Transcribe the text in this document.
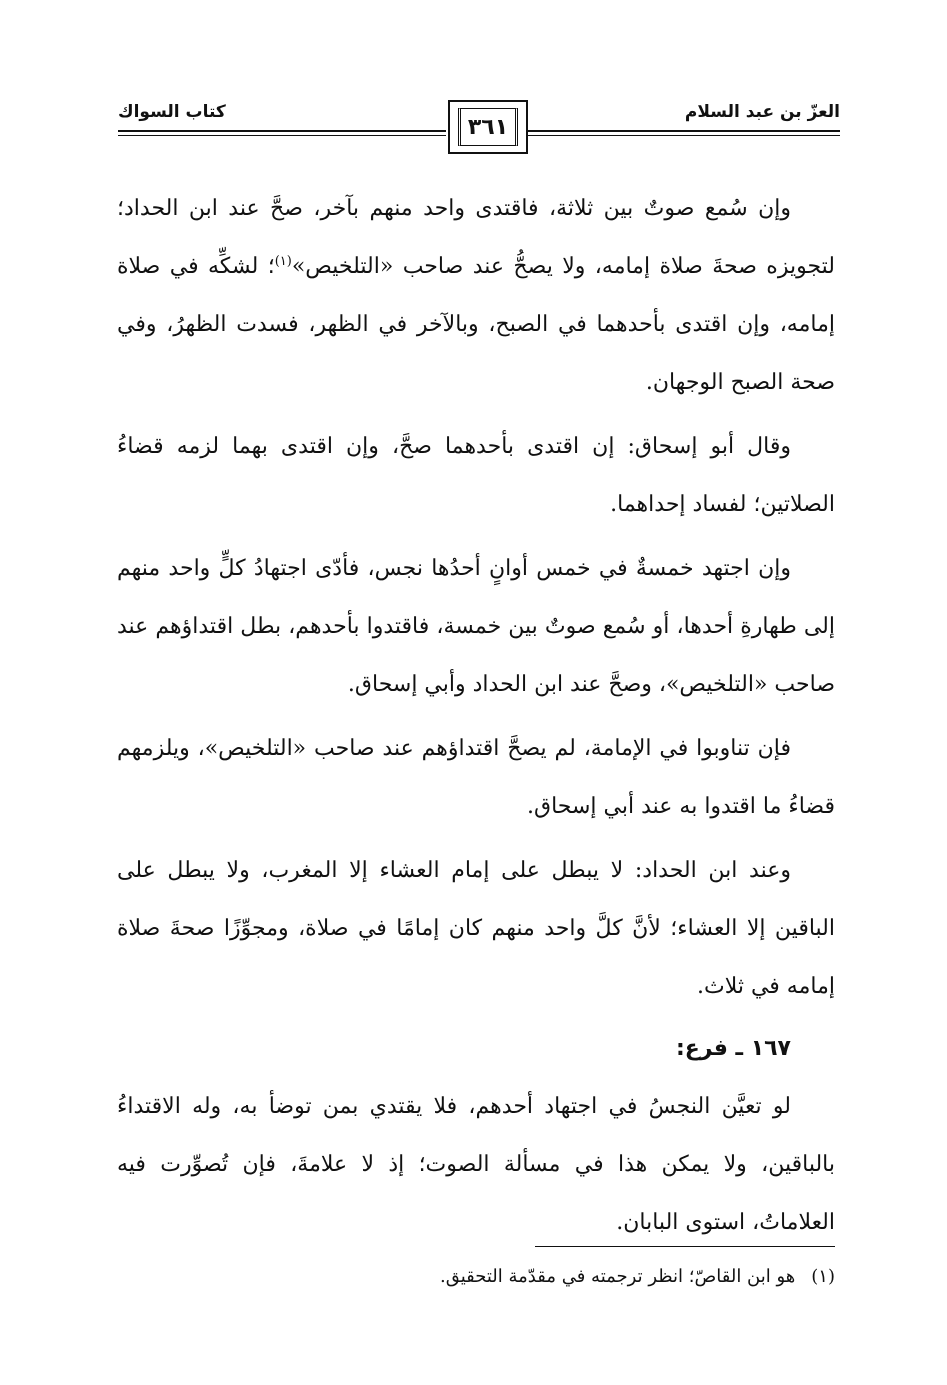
العزّ بن عبد السلام
كتاب السواك
٣٦١

وإن سُمع صوتٌ بين ثلاثة، فاقتدى واحد منهم بآخر، صحَّ عند ابن الحداد؛ لتجويزه صحةَ صلاة إمامه، ولا يصحُّ عند صاحب «التلخيص»$^{(١)}$؛ لشكِّه في صلاة إمامه، وإن اقتدى بأحدهما في الصبح، وبالآخر في الظهر، فسدت الظهرُ، وفي صحة الصبح الوجهان.

وقال أبو إسحاق: إن اقتدى بأحدهما صحَّ، وإن اقتدى بهما لزمه قضاءُ الصلاتين؛ لفساد إحداهما.

وإن اجتهد خمسةٌ في خمس أوانٍ أحدُها نجس، فأدّى اجتهادُ كلٍّ واحد منهم إلى طهارةِ أحدها، أو سُمع صوتٌ بين خمسة، فاقتدوا بأحدهم، بطل اقتداؤهم عند صاحب «التلخيص»، وصحَّ عند ابن الحداد وأبي إسحاق.

فإن تناوبوا في الإمامة، لم يصحَّ اقتداؤهم عند صاحب «التلخيص»، ويلزمهم قضاءُ ما اقتدوا به عند أبي إسحاق.

وعند ابن الحداد: لا يبطل على إمام العشاء إلا المغرب، ولا يبطل على الباقين إلا العشاء؛ لأنَّ كلَّ واحد منهم كان إمامًا في صلاة، ومجوِّزًا صحةَ صلاة إمامه في ثلاث.

١٦٧ ـ فرع:

لو تعيَّن النجسُ في اجتهاد أحدهم، فلا يقتدي بمن توضأ به، وله الاقتداءُ بالباقين، ولا يمكن هذا في مسألة الصوت؛ إذ لا علامةَ، فإن تُصوِّرت فيه العلاماتُ، استوى البابان.

(١)هو ابن القاصّ؛ انظر ترجمته في مقدّمة التحقيق.
